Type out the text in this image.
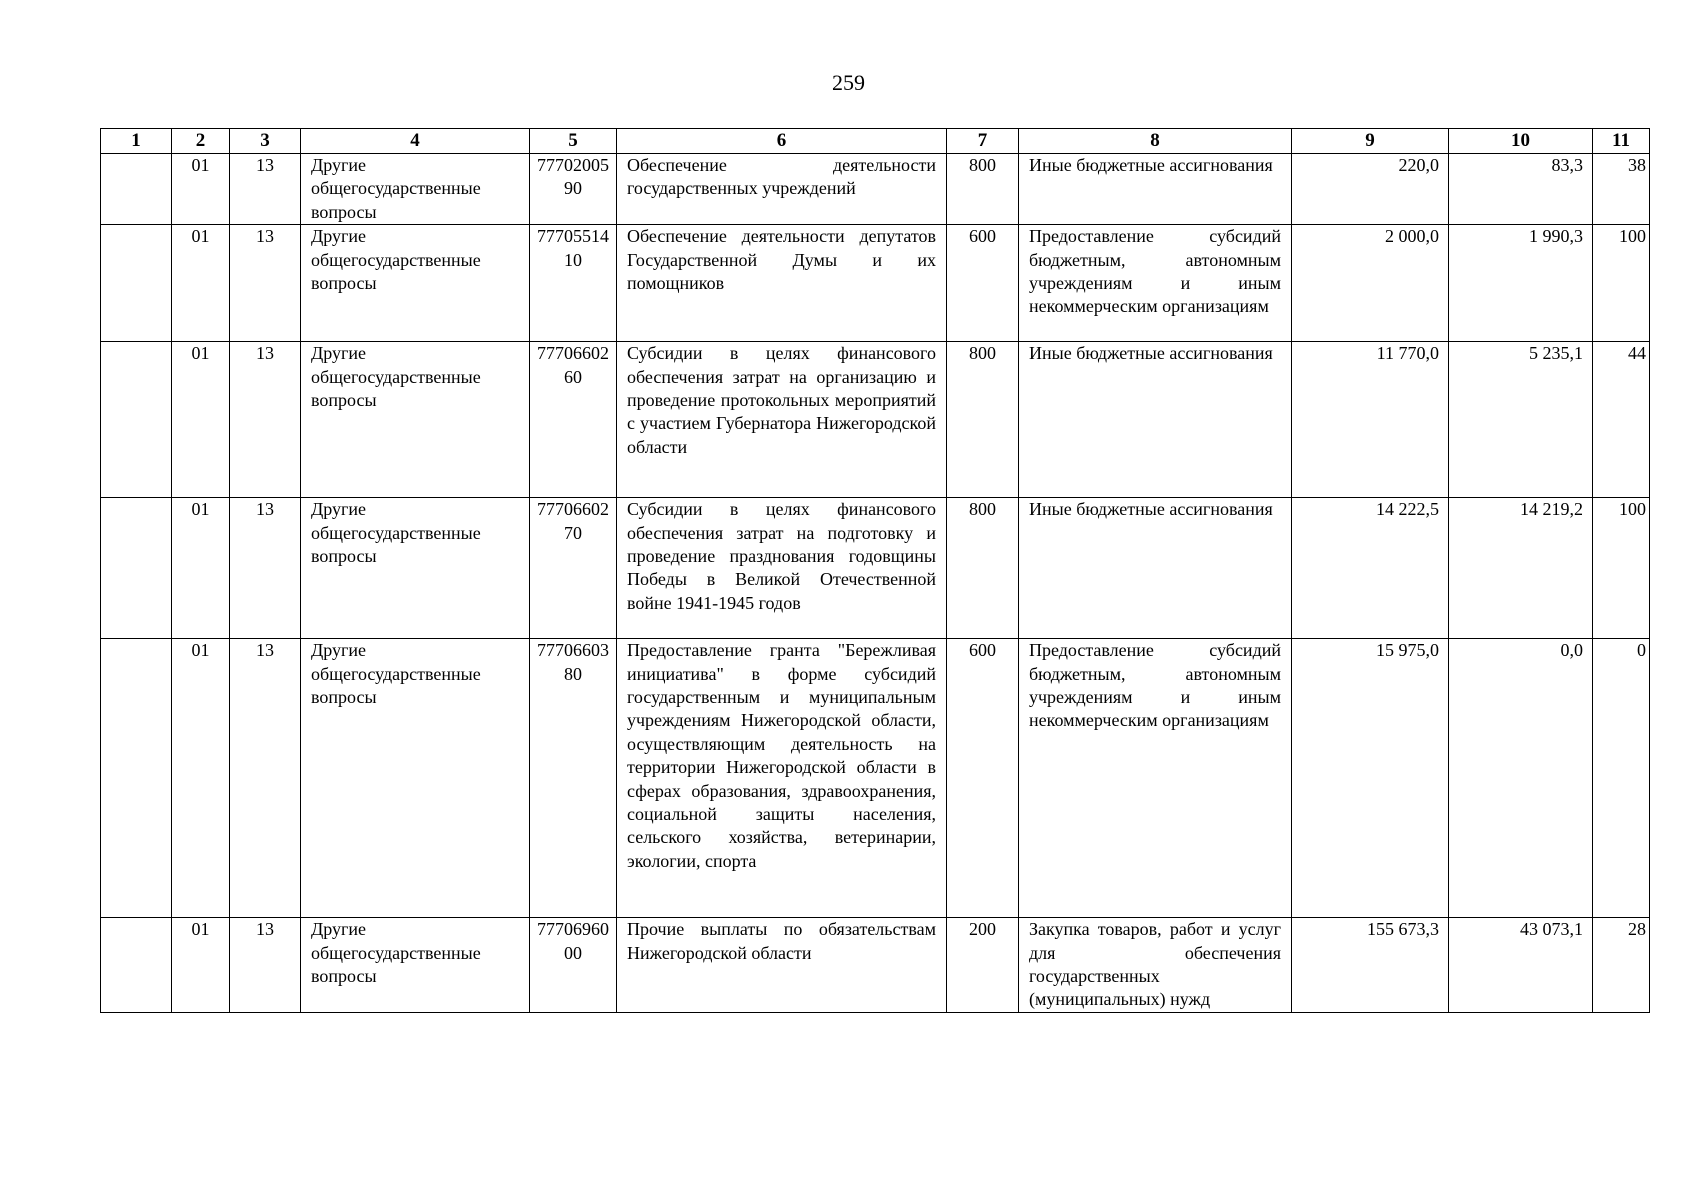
259
1	2	3	4	5	6	7	8	9	10	11
	01	13	Другие общегосударственные вопросы	7770200590	Обеспечение деятельности государственных учреждений	800	Иные бюджетные ассигнования	220,0	83,3	38
	01	13	Другие общегосударственные вопросы	7770551410	Обеспечение деятельности депутатов Государственной Думы и их помощников	600	Предоставление субсидий бюджетным, автономным учреждениям и иным некоммерческим организациям	2 000,0	1 990,3	100
	01	13	Другие общегосударственные вопросы	7770660260	Субсидии в целях финансового обеспечения затрат на организацию и проведение протокольных мероприятий с участием Губернатора Нижегородской области	800	Иные бюджетные ассигнования	11 770,0	5 235,1	44
	01	13	Другие общегосударственные вопросы	7770660270	Субсидии в целях финансового обеспечения затрат на подготовку и проведение празднования годовщины Победы в Великой Отечественной войне 1941-1945 годов	800	Иные бюджетные ассигнования	14 222,5	14 219,2	100
	01	13	Другие общегосударственные вопросы	7770660380	Предоставление гранта "Бережливая инициатива" в форме субсидий государственным и муниципальным учреждениям Нижегородской области, осуществляющим деятельность на территории Нижегородской области в сферах образования, здравоохранения, социальной защиты населения, сельского хозяйства, ветеринарии, экологии, спорта	600	Предоставление субсидий бюджетным, автономным учреждениям и иным некоммерческим организациям	15 975,0	0,0	0
	01	13	Другие общегосударственные вопросы	7770696000	Прочие выплаты по обязательствам Нижегородской области	200	Закупка товаров, работ и услуг для обеспечения государственных (муниципальных) нужд	155 673,3	43 073,1	28
